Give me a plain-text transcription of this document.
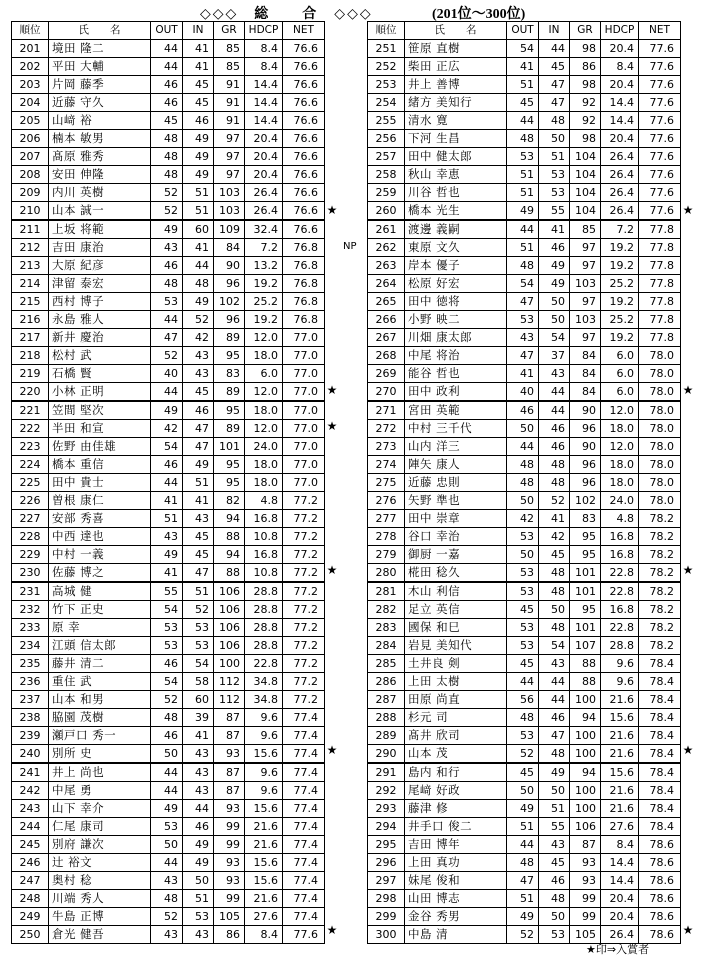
◇◇◇　総　　合　◇◇◇	(201位～300位)
順位	氏　　名	OUT	IN	GR	HDCP	NET
201	境田 隆二	44	41	85	8.4	76.6
202	平田 大輔	44	41	85	8.4	76.6
203	片岡 藤季	46	45	91	14.4	76.6
204	近藤 守久	46	45	91	14.4	76.6
205	山﨑 裕	45	46	91	14.4	76.6
206	楠本 敏男	48	49	97	20.4	76.6
207	髙原 雅秀	48	49	97	20.4	76.6
208	安田 伸隆	48	49	97	20.4	76.6
209	内川 英樹	52	51	103	26.4	76.6
210	山本 誠一	52	51	103	26.4	76.6
211	上坂 将範	49	60	109	32.4	76.6
212	吉田 康治	43	41	84	7.2	76.8
213	大原 紀彦	46	44	90	13.2	76.8
214	津留 泰宏	48	48	96	19.2	76.8
215	西村 博子	53	49	102	25.2	76.8
216	永島 雅人	44	52	96	19.2	76.8
217	新井 慶治	47	42	89	12.0	77.0
218	松村 武	52	43	95	18.0	77.0
219	石橋 賢	40	43	83	6.0	77.0
220	小林 正明	44	45	89	12.0	77.0
221	笠間 堅次	49	46	95	18.0	77.0
222	半田 和宣	42	47	89	12.0	77.0
223	佐野 由佳雄	54	47	101	24.0	77.0
224	橋本 重信	46	49	95	18.0	77.0
225	田中 貴士	44	51	95	18.0	77.0
226	曽根 康仁	41	41	82	4.8	77.2
227	安部 秀喜	51	43	94	16.8	77.2
228	中西 達也	43	45	88	10.8	77.2
229	中村 一義	49	45	94	16.8	77.2
230	佐藤 博之	41	47	88	10.8	77.2
231	高城 健	55	51	106	28.8	77.2
232	竹下 正史	54	52	106	28.8	77.2
233	原 幸	53	53	106	28.8	77.2
234	江頭 信太郎	53	53	106	28.8	77.2
235	藤井 清二	46	54	100	22.8	77.2
236	重住 武	54	58	112	34.8	77.2
237	山本 和男	52	60	112	34.8	77.2
238	脇園 茂樹	48	39	87	9.6	77.4
239	瀬戸口 秀一	46	41	87	9.6	77.4
240	別所 史	50	43	93	15.6	77.4
241	井上 尚也	44	43	87	9.6	77.4
242	中尾 勇	44	43	87	9.6	77.4
243	山下 幸介	49	44	93	15.6	77.4
244	仁尾 康司	53	46	99	21.6	77.4
245	別府 謙次	50	49	99	21.6	77.4
246	辻 裕文	44	49	93	15.6	77.4
247	奥村 稔	43	50	93	15.6	77.4
248	川端 秀人	48	51	99	21.6	77.4
249	牛島 正博	52	53	105	27.6	77.4
250	倉光 健吾	43	43	86	8.4	77.6
順位	氏　　名	OUT	IN	GR	HDCP	NET
251	笹原 直樹	54	44	98	20.4	77.6
252	柴田 正広	41	45	86	8.4	77.6
253	井上 善博	51	47	98	20.4	77.6
254	緒方 美知行	45	47	92	14.4	77.6
255	清水 寛	44	48	92	14.4	77.6
256	下河 生昌	48	50	98	20.4	77.6
257	田中 健太郎	53	51	104	26.4	77.6
258	秋山 幸恵	51	53	104	26.4	77.6
259	川谷 哲也	51	53	104	26.4	77.6
260	橋本 光生	49	55	104	26.4	77.6
261	渡邊 義嗣	44	41	85	7.2	77.8
262	東原 文久	51	46	97	19.2	77.8
263	岸本 優子	48	49	97	19.2	77.8
264	松原 好宏	54	49	103	25.2	77.8
265	田中 徳将	47	50	97	19.2	77.8
266	小野 映二	53	50	103	25.2	77.8
267	川畑 康太郎	43	54	97	19.2	77.8
268	中尾 将治	47	37	84	6.0	78.0
269	能谷 哲也	41	43	84	6.0	78.0
270	田中 政利	40	44	84	6.0	78.0
271	宮田 英範	46	44	90	12.0	78.0
272	中村 三千代	50	46	96	18.0	78.0
273	山内 洋三	44	46	90	12.0	78.0
274	陣矢 康人	48	48	96	18.0	78.0
275	近藤 忠則	48	48	96	18.0	78.0
276	矢野 準也	50	52	102	24.0	78.0
277	田中 崇章	42	41	83	4.8	78.2
278	谷口 幸治	53	42	95	16.8	78.2
279	御厨 一嘉	50	45	95	16.8	78.2
280	椛田 稔久	53	48	101	22.8	78.2
281	木山 利信	53	48	101	22.8	78.2
282	足立 英信	45	50	95	16.8	78.2
283	國保 和巳	53	48	101	22.8	78.2
284	岩見 美知代	53	54	107	28.8	78.2
285	土井良 剣	45	43	88	9.6	78.4
286	上田 太樹	44	44	88	9.6	78.4
287	田原 尚直	56	44	100	21.6	78.4
288	杉元 司	48	46	94	15.6	78.4
289	髙井 欣司	53	47	100	21.6	78.4
290	山本 茂	52	48	100	21.6	78.4
291	島内 和行	45	49	94	15.6	78.4
292	尾﨑 好政	50	50	100	21.6	78.4
293	藤津 修	49	51	100	21.6	78.4
294	井手口 俊二	51	55	106	27.6	78.4
295	吉田 博年	44	43	87	8.4	78.6
296	上田 真功	48	45	93	14.4	78.6
297	妹尾 俊和	47	46	93	14.4	78.6
298	山田 博志	51	48	99	20.4	78.6
299	金谷 秀男	49	50	99	20.4	78.6
300	中島 清	52	53	105	26.4	78.6
★
★
★
★
★
★
★
★
★
★
★
NP
★印⇒入賞者
